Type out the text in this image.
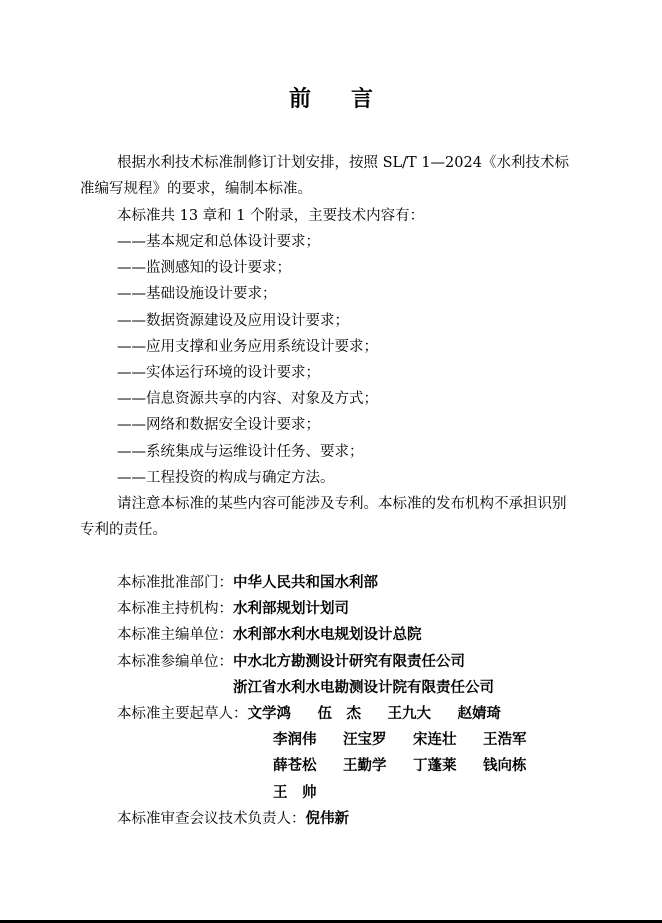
前 言

根据水利技术标准制修订计划安排，按照 SL/T 1—2024《水利技术标准编写规程》的要求，编制本标准。

本标准共 13 章和 1 个附录，主要技术内容有：

——基本规定和总体设计要求；
——监测感知的设计要求；
——基础设施设计要求；
——数据资源建设及应用设计要求；
——应用支撑和业务应用系统设计要求；
——实体运行环境的设计要求；
——信息资源共享的内容、对象及方式；
——网络和数据安全设计要求；
——系统集成与运维设计任务、要求；
——工程投资的构成与确定方法。

请注意本标准的某些内容可能涉及专利。本标准的发布机构不承担识别专利的责任。

本标准批准部门： 中华人民共和国水利部
本标准主持机构： 水利部规划计划司
本标准主编单位： 水利部水利水电规划设计总院
本标准参编单位： 中水北方勘测设计研究有限责任公司
浙江省水利水电勘测设计院有限责任公司
本标准主要起草人： 文学鸿	伍　杰	王九大	赵婧琦
李润伟	汪宝罗	宋连壮	王浩军
薛苍松	王勤学	丁蓬莱	钱向栋
王　帅
本标准审查会议技术负责人： 倪伟新
